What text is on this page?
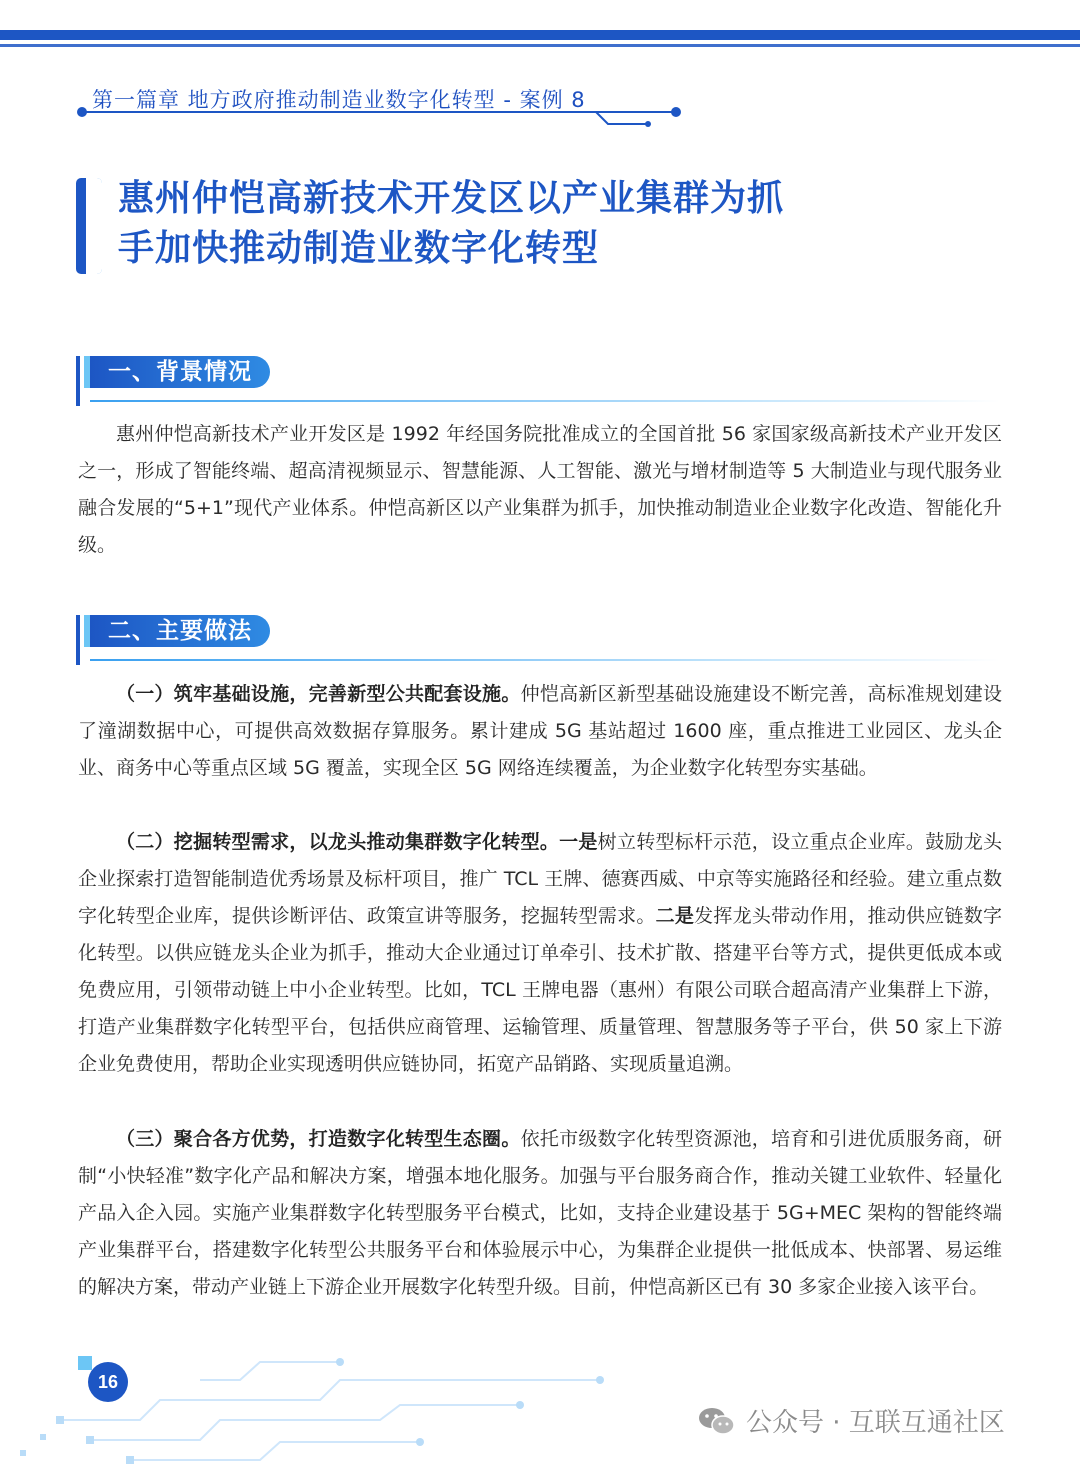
第一篇章 地方政府推动制造业数字化转型 - 案例 8
惠州仲恺高新技术开发区以产业集群为抓
手加快推动制造业数字化转型
一、背景情况
惠州仲恺高新技术产业开发区是 1992 年经国务院批准成立的全国首批 56 家国家级高新技术产业开发区之一，形成了智能终端、超高清视频显示、智慧能源、人工智能、激光与增材制造等 5 大制造业与现代服务业融合发展的“5+1”现代产业体系。仲恺高新区以产业集群为抓手，加快推动制造业企业数字化改造、智能化升级。
二、主要做法
（一）筑牢基础设施，完善新型公共配套设施。仲恺高新区新型基础设施建设不断完善，高标准规划建设了潼湖数据中心，可提供高效数据存算服务。累计建成 5G 基站超过 1600 座，重点推进工业园区、龙头企业、商务中心等重点区域 5G 覆盖，实现全区 5G 网络连续覆盖，为企业数字化转型夯实基础。
（二）挖掘转型需求，以龙头推动集群数字化转型。一是树立转型标杆示范，设立重点企业库。鼓励龙头企业探索打造智能制造优秀场景及标杆项目，推广 TCL 王牌、德赛西威、中京等实施路径和经验。建立重点数字化转型企业库，提供诊断评估、政策宣讲等服务，挖掘转型需求。二是发挥龙头带动作用，推动供应链数字化转型。以供应链龙头企业为抓手，推动大企业通过订单牵引、技术扩散、搭建平台等方式，提供更低成本或免费应用，引领带动链上中小企业转型。比如，TCL 王牌电器（惠州）有限公司联合超高清产业集群上下游，打造产业集群数字化转型平台，包括供应商管理、运输管理、质量管理、智慧服务等子平台，供 50 家上下游企业免费使用，帮助企业实现透明供应链协同，拓宽产品销路、实现质量追溯。
（三）聚合各方优势，打造数字化转型生态圈。依托市级数字化转型资源池，培育和引进优质服务商，研制“小快轻准”数字化产品和解决方案，增强本地化服务。加强与平台服务商合作，推动关键工业软件、轻量化产品入企入园。实施产业集群数字化转型服务平台模式，比如，支持企业建设基于 5G+MEC 架构的智能终端产业集群平台，搭建数字化转型公共服务平台和体验展示中心，为集群企业提供一批低成本、快部署、易运维的解决方案，带动产业链上下游企业开展数字化转型升级。目前，仲恺高新区已有 30 多家企业接入该平台。
16
公众号 · 互联互通社区
